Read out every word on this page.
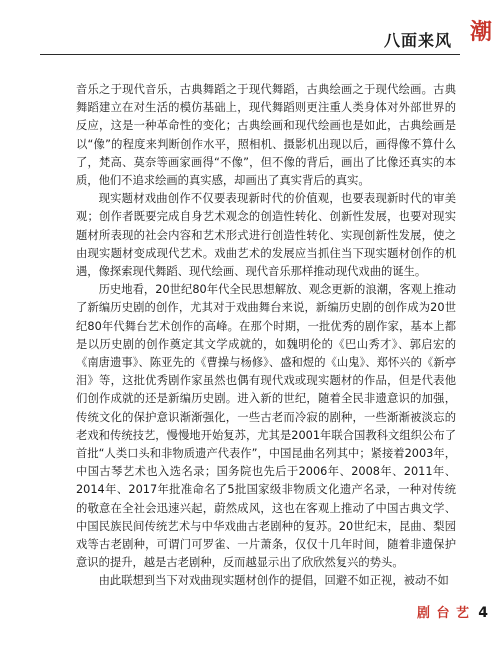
八面来风 潮

音乐之于现代音乐，古典舞蹈之于现代舞蹈，古典绘画之于现代绘画。古典舞蹈建立在对生活的模仿基础上，现代舞蹈则更注重人类身体对外部世界的反应，这是一种革命性的变化；古典绘画和现代绘画也是如此，古典绘画是以“像”的程度来判断创作水平，照相机、摄影机出现以后，画得像不算什么了，梵高、莫奈等画家画得“不像”，但不像的背后，画出了比像还真实的本质，他们不追求绘画的真实感，却画出了真实背后的真实。

现实题材戏曲创作不仅要表现新时代的价值观，也要表现新时代的审美观；创作者既要完成自身艺术观念的创造性转化、创新性发展，也要对现实题材所表现的社会内容和艺术形式进行创造性转化、实现创新性发展，使之由现实题材变成现代艺术。戏曲艺术的发展应当抓住当下现实题材创作的机遇，像探索现代舞蹈、现代绘画、现代音乐那样推动现代戏曲的诞生。

历史地看，20世纪80年代全民思想解放、观念更新的浪潮，客观上推动了新编历史剧的创作，尤其对于戏曲舞台来说，新编历史剧的创作成为20世纪80年代舞台艺术创作的高峰。在那个时期，一批优秀的剧作家，基本上都是以历史剧的创作奠定其文学成就的，如魏明伦的《巴山秀才》、郭启宏的《南唐遗事》、陈亚先的《曹操与杨修》、盛和煜的《山鬼》、郑怀兴的《新亭泪》等，这批优秀剧作家虽然也偶有现代戏或现实题材的作品，但是代表他们创作成就的还是新编历史剧。进入新的世纪，随着全民非遗意识的加强，传统文化的保护意识渐渐强化，一些古老而冷寂的剧种，一些渐渐被淡忘的老戏和传统技艺，慢慢地开始复苏，尤其是2001年联合国教科文组织公布了首批“人类口头和非物质遗产代表作”，中国昆曲名列其中；紧接着2003年，中国古琴艺术也入选名录；国务院也先后于2006年、2008年、2011年、2014年、2017年批准命名了5批国家级非物质文化遗产名录，一种对传统的敬意在全社会迅速兴起，蔚然成风，这也在客观上推动了中国古典文学、中国民族民间传统艺术与中华戏曲古老剧种的复苏。20世纪末，昆曲、梨园戏等古老剧种，可谓门可罗雀、一片萧条，仅仅十几年时间，随着非遗保护意识的提升，越是古老剧种，反而越显示出了欣欣然复兴的势头。

由此联想到当下对戏曲现实题材创作的提倡，回避不如正视，被动不如

剧 台 艺 4
